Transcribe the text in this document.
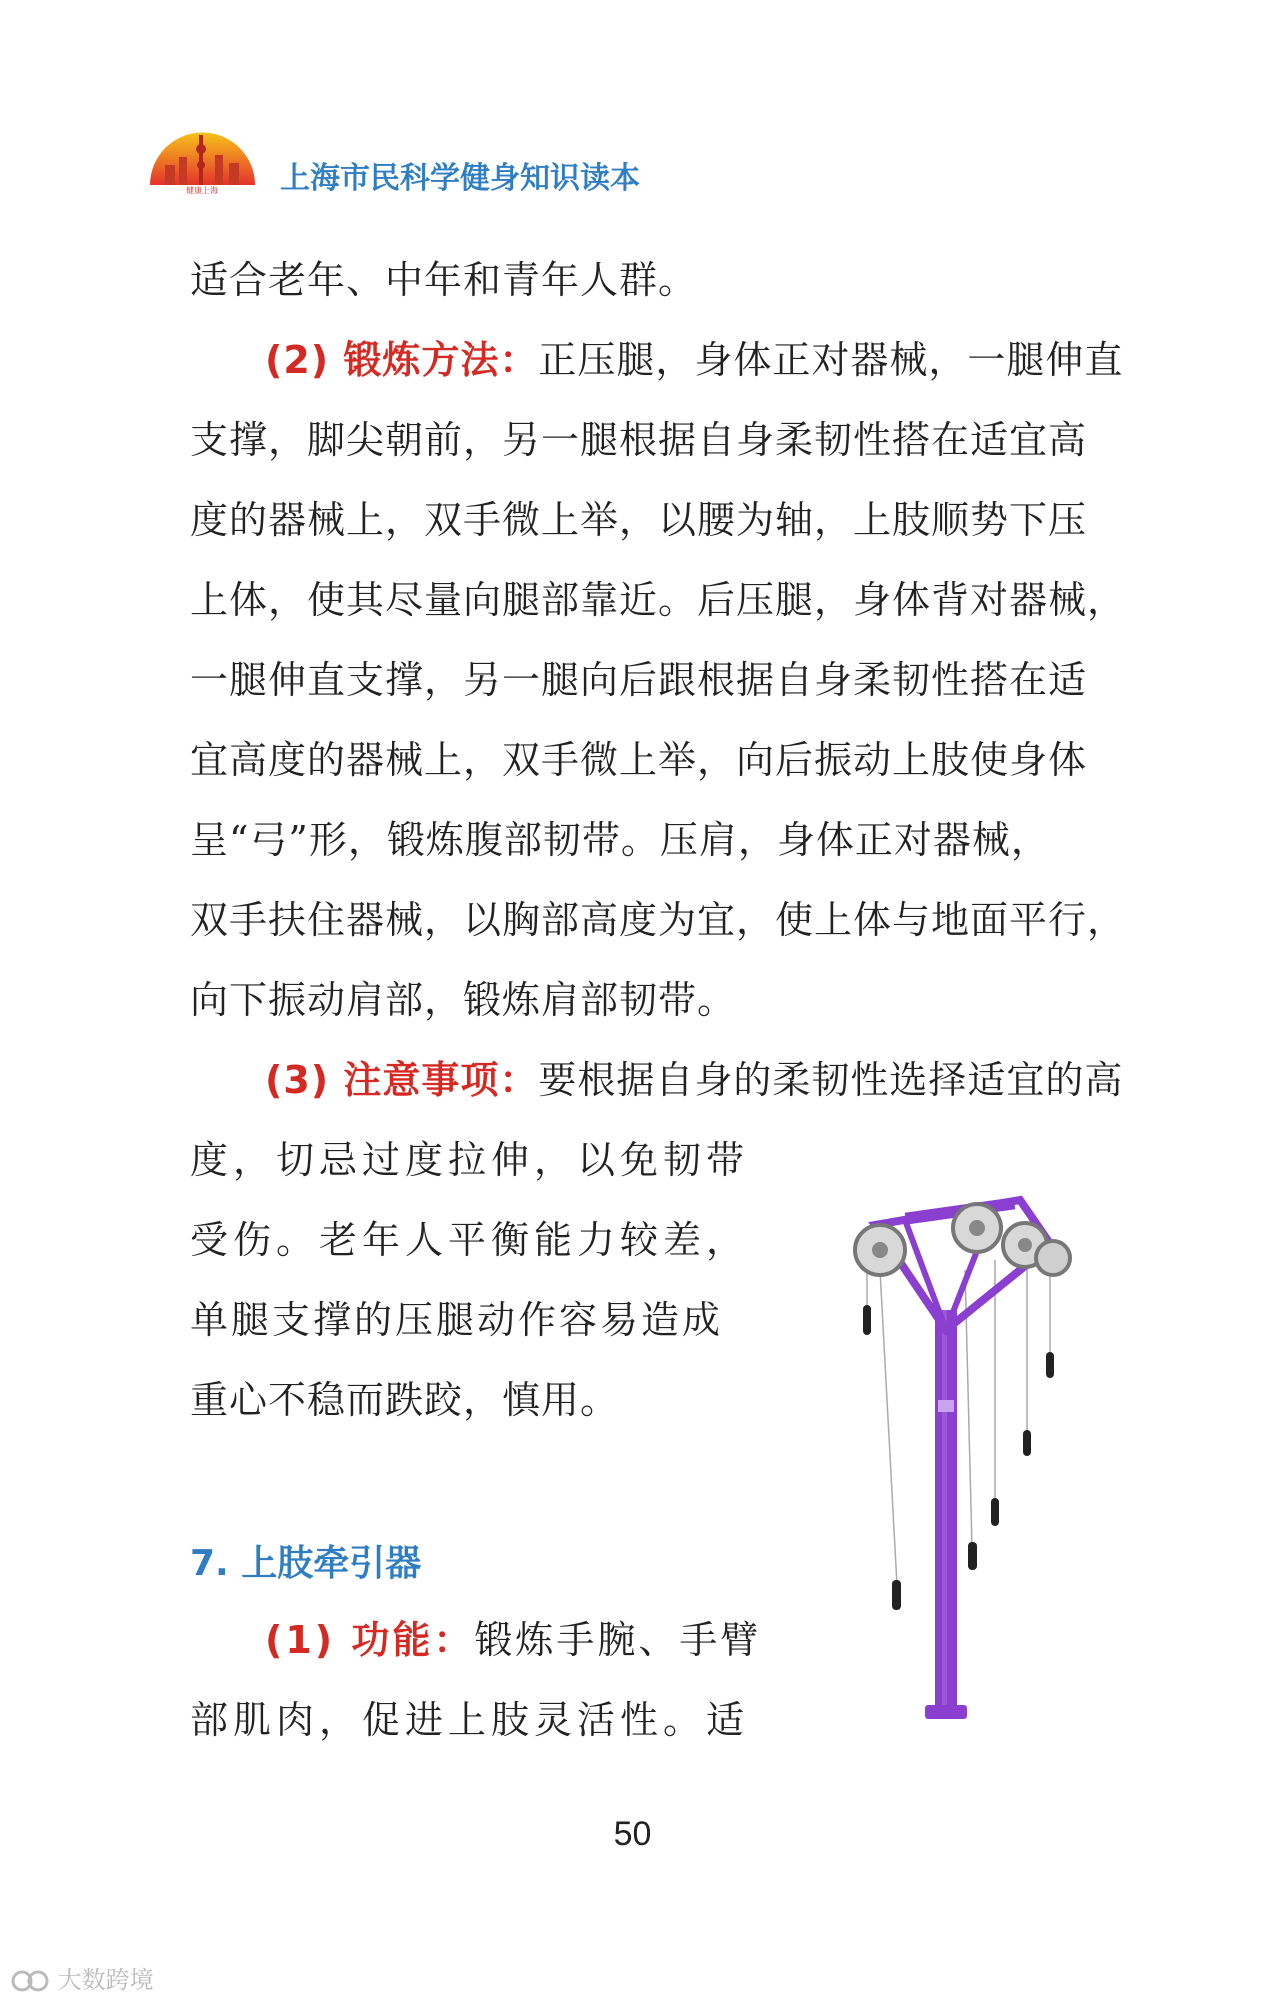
健康上海 上海市民科学健身知识读本
适合老年、中年和青年人群。
(2) 锻炼方法：正压腿，身体正对器械，一腿伸直
支撑，脚尖朝前，另一腿根据自身柔韧性搭在适宜高
度的器械上，双手微上举，以腰为轴，上肢顺势下压
上体，使其尽量向腿部靠近。后压腿，身体背对器械，
一腿伸直支撑，另一腿向后跟根据自身柔韧性搭在适
宜高度的器械上，双手微上举，向后振动上肢使身体
呈“弓”形，锻炼腹部韧带。压肩，身体正对器械，
双手扶住器械，以胸部高度为宜，使上体与地面平行，
向下振动肩部，锻炼肩部韧带。
(3) 注意事项：要根据自身的柔韧性选择适宜的高
度，切忌过度拉伸，以免韧带
受伤。老年人平衡能力较差，
单腿支撑的压腿动作容易造成
重心不稳而跌跤，慎用。
7. 上肢牵引器
(1) 功能：锻炼手腕、手臂
部肌肉，促进上肢灵活性。适
50
大数跨境
